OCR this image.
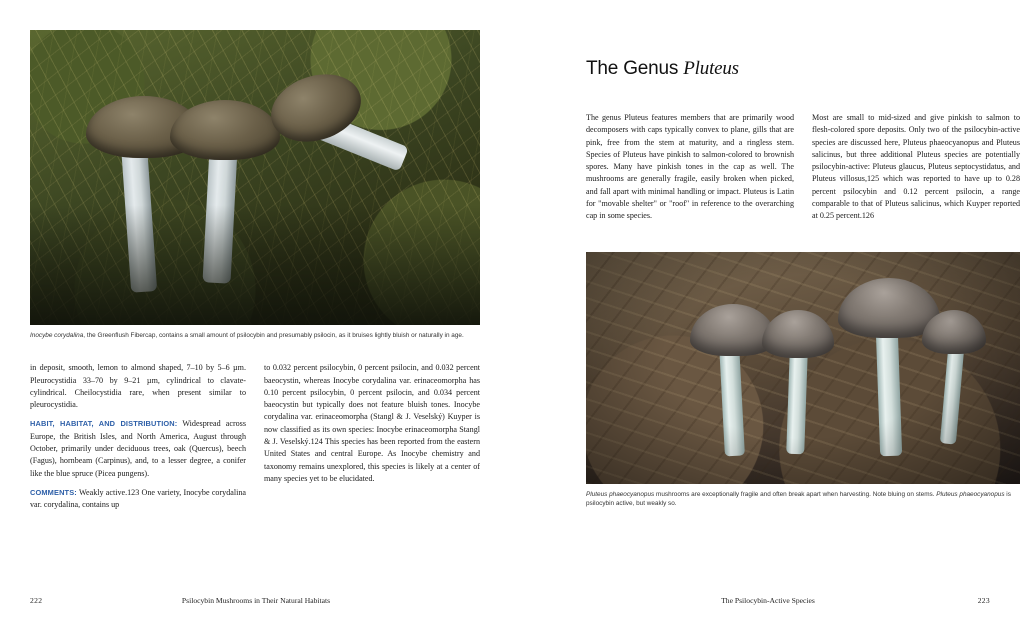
Inocybe corydalina, the Greenflush Fibercap, contains a small amount of psilocybin and presumably psilocin, as it bruises lightly bluish or naturally in age.

in deposit, smooth, lemon to almond shaped, 7–10 by 5–6 µm. Pleurocystidia 33–70 by 9–21 µm, cylindrical to clavate-cylindrical. Cheilocystidia rare, when present similar to pleurocystidia.

HABIT, HABITAT, AND DISTRIBUTION: Widespread across Europe, the British Isles, and North America, August through October, primarily under deciduous trees, oak (Quercus), beech (Fagus), hornbeam (Carpinus), and, to a lesser degree, a conifer like the blue spruce (Picea pungens).

COMMENTS: Weakly active.123 One variety, Inocybe corydalina var. corydalina, contains up

to 0.032 percent psilocybin, 0 percent psilocin, and 0.032 percent baeocystin, whereas Inocybe corydalina var. erinaceomorpha has 0.10 percent psilocybin, 0 percent psilocin, and 0.034 percent baeocystin but typically does not feature bluish tones. Inocybe corydalina var. erinaceomorpha (Stangl & J. Veselský) Kuyper is now classified as its own species: Inocybe erinaceomorpha Stangl & J. Veselský.124 This species has been reported from the eastern United States and central Europe. As Inocybe chemistry and taxonomy remains unexplored, this species is likely at a center of many species yet to be elucidated.

222	Psilocybin Mushrooms in Their Natural Habitats
The Genus Pluteus

The genus Pluteus features members that are primarily wood decomposers with caps typically convex to plane, gills that are pink, free from the stem at maturity, and a ringless stem. Species of Pluteus have pinkish to salmon-colored to brownish spores. Many have pinkish tones in the cap as well. The mushrooms are generally fragile, easily broken when picked, and fall apart with minimal handling or impact. Pluteus is Latin for "movable shelter" or "roof" in reference to the overarching cap in some species.

Most are small to mid-sized and give pinkish to salmon to flesh-colored spore deposits. Only two of the psilocybin-active species are discussed here, Pluteus phaeocyanopus and Pluteus salicinus, but three additional Pluteus species are potentially psilocybin-active: Pluteus glaucus, Pluteus septocystidatus, and Pluteus villosus,125 which was reported to have up to 0.28 percent psilocybin and 0.12 percent psilocin, a range comparable to that of Pluteus salicinus, which Kuyper reported at 0.25 percent.126

Pluteus phaeocyanopus mushrooms are exceptionally fragile and often break apart when harvesting. Note bluing on stems. Pluteus phaeocyanopus is psilocybin active, but weakly so.
The Psilocybin-Active Species	223
